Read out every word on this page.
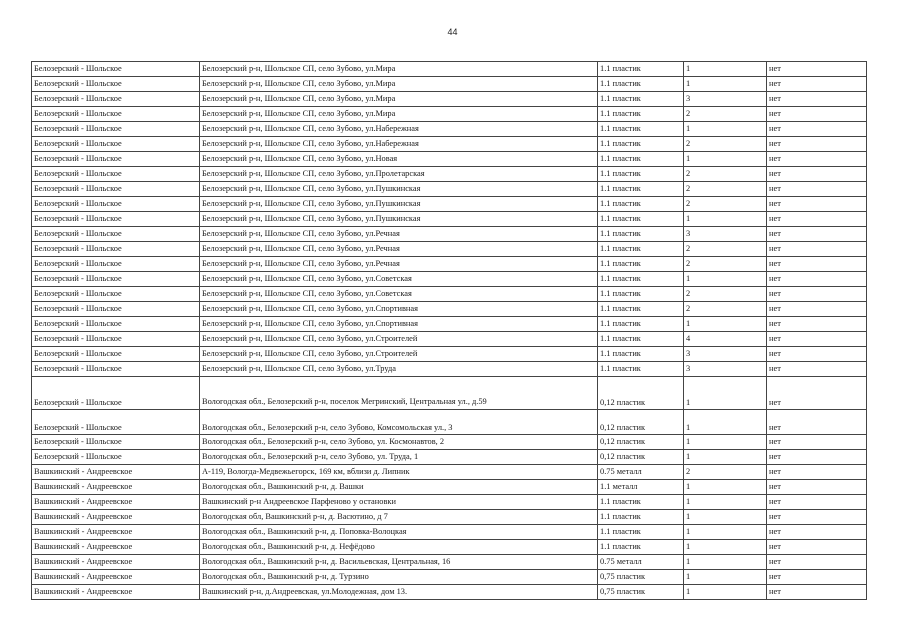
44
Белозерский - Шольское	Белозерский р-н, Шольское СП, село Зубово, ул.Мира	1.1 пластик	1	нет
Белозерский - Шольское	Белозерский р-н, Шольское СП, село Зубово, ул.Мира	1.1 пластик	1	нет
Белозерский - Шольское	Белозерский р-н, Шольское СП, село Зубово, ул.Мира	1.1 пластик	3	нет
Белозерский - Шольское	Белозерский р-н, Шольское СП, село Зубово, ул.Мира	1.1 пластик	2	нет
Белозерский - Шольское	Белозерский р-н, Шольское СП, село Зубово, ул.Набережная	1.1 пластик	1	нет
Белозерский - Шольское	Белозерский р-н, Шольское СП, село Зубово, ул.Набережная	1.1 пластик	2	нет
Белозерский - Шольское	Белозерский р-н, Шольское СП, село Зубово, ул.Новая	1.1 пластик	1	нет
Белозерский - Шольское	Белозерский р-н, Шольское СП, село Зубово, ул.Пролетарская	1.1 пластик	2	нет
Белозерский - Шольское	Белозерский р-н, Шольское СП, село Зубово, ул.Пушкинская	1.1 пластик	2	нет
Белозерский - Шольское	Белозерский р-н, Шольское СП, село Зубово, ул.Пушкинская	1.1 пластик	2	нет
Белозерский - Шольское	Белозерский р-н, Шольское СП, село Зубово, ул.Пушкинская	1.1 пластик	1	нет
Белозерский - Шольское	Белозерский р-н, Шольское СП, село Зубово, ул.Речная	1.1 пластик	3	нет
Белозерский - Шольское	Белозерский р-н, Шольское СП, село Зубово, ул.Речная	1.1 пластик	2	нет
Белозерский - Шольское	Белозерский р-н, Шольское СП, село Зубово, ул.Речная	1.1 пластик	2	нет
Белозерский - Шольское	Белозерский р-н, Шольское СП, село Зубово, ул.Советская	1.1 пластик	1	нет
Белозерский - Шольское	Белозерский р-н, Шольское СП, село Зубово, ул.Советская	1.1 пластик	2	нет
Белозерский - Шольское	Белозерский р-н, Шольское СП, село Зубово, ул.Спортивная	1.1 пластик	2	нет
Белозерский - Шольское	Белозерский р-н, Шольское СП, село Зубово, ул.Спортивная	1.1 пластик	1	нет
Белозерский - Шольское	Белозерский р-н, Шольское СП, село Зубово, ул.Строителей	1.1 пластик	4	нет
Белозерский - Шольское	Белозерский р-н, Шольское СП, село Зубово, ул.Строителей	1.1 пластик	3	нет
Белозерский - Шольское	Белозерский р-н, Шольское СП, село Зубово, ул.Труда	1.1 пластик	3	нет
Белозерский - Шольское	Вологодская обл., Белозерский р-н, поселок Мегринский, Центральная ул., д.59	0,12 пластик	1	нет
Белозерский - Шольское	Вологодская обл., Белозерский р-н, село Зубово, Комсомольская ул., 3	0,12 пластик	1	нет
Белозерский - Шольское	Вологодская обл., Белозерский р-н, село Зубово, ул. Космонавтов, 2	0,12 пластик	1	нет
Белозерский - Шольское	Вологодская обл., Белозерский р-н, село Зубово, ул. Труда, 1	0,12 пластик	1	нет
Вашкинский - Андреевское	А-119, Вологда-Медвежьегорск, 169 км, вблизи д. Липник	0.75 металл	2	нет
Вашкинский - Андреевское	Вологодская обл., Вашкинский р-н, д. Вашки	1.1 металл	1	нет
Вашкинский - Андреевское	Вашкинский р-н Андреевское Парфеново у остановки	1.1 пластик	1	нет
Вашкинский - Андреевское	Вологодская обл, Вашкинский р-н, д. Васютино, д 7	1.1 пластик	1	нет
Вашкинский - Андреевское	Вологодская обл., Вашкинский р-н, д. Поповка-Волоцкая	1.1 пластик	1	нет
Вашкинский - Андреевское	Вологодская обл., Вашкинский р-н, д. Нефёдово	1.1 пластик	1	нет
Вашкинский - Андреевское	Вологодская обл., Вашкинский р-н, д. Васильевская, Центральная, 16	0.75 металл	1	нет
Вашкинский - Андреевское	Вологодская обл., Вашкинский р-н, д. Турзино	0,75 пластик	1	нет
Вашкинский - Андреевское	Вашкинский р-н, д.Андреевская, ул.Молодежная, дом 13.	0,75 пластик	1	нет
